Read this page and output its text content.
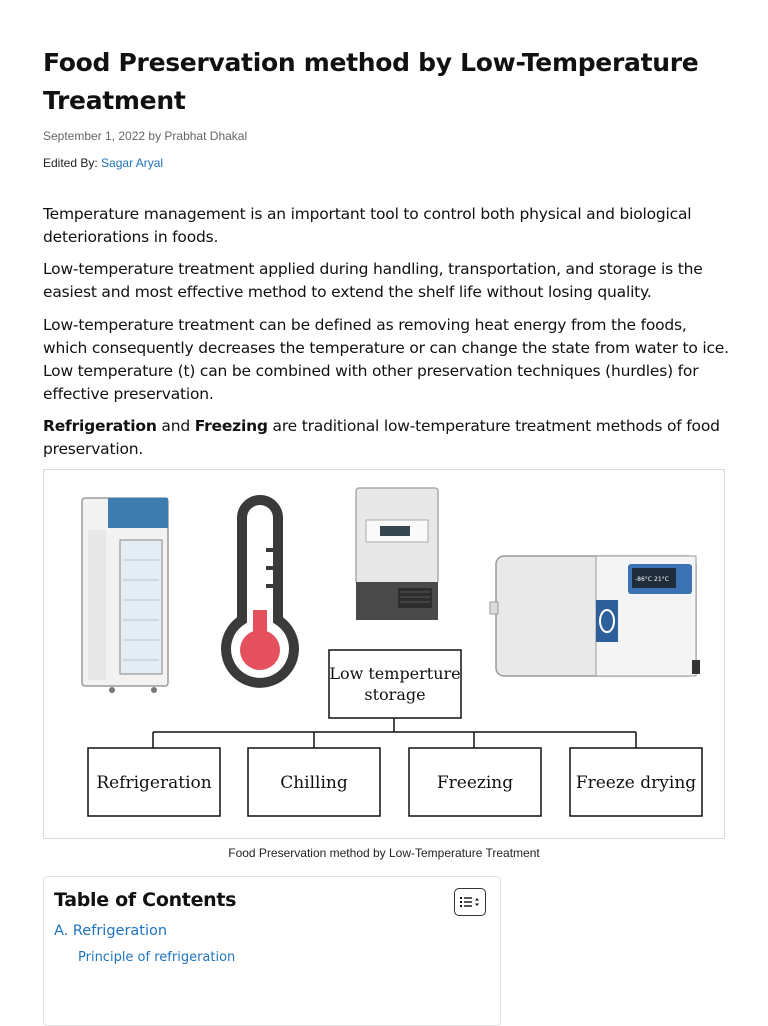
Food Preservation method by Low-Temperature Treatment
September 1, 2022 by Prabhat Dhakal
Edited By: Sagar Aryal

Temperature management is an important tool to control both physical and biological deteriorations in foods.

Low-temperature treatment applied during handling, transportation, and storage is the easiest and most effective method to extend the shelf life without losing quality.

Low-temperature treatment can be defined as removing heat energy from the foods, which consequently decreases the temperature or can change the state from water to ice. Low temperature (t) can be combined with other preservation techniques (hurdles) for effective preservation.

Refrigeration and Freezing are traditional low-temperature treatment methods of food preservation.

-86°C 21°C
Low temperture
storage
Refrigeration	Chilling	Freezing	Freeze drying
Food Preservation method by Low-Temperature Treatment
Table of Contents
A. Refrigeration
Principle of refrigeration
